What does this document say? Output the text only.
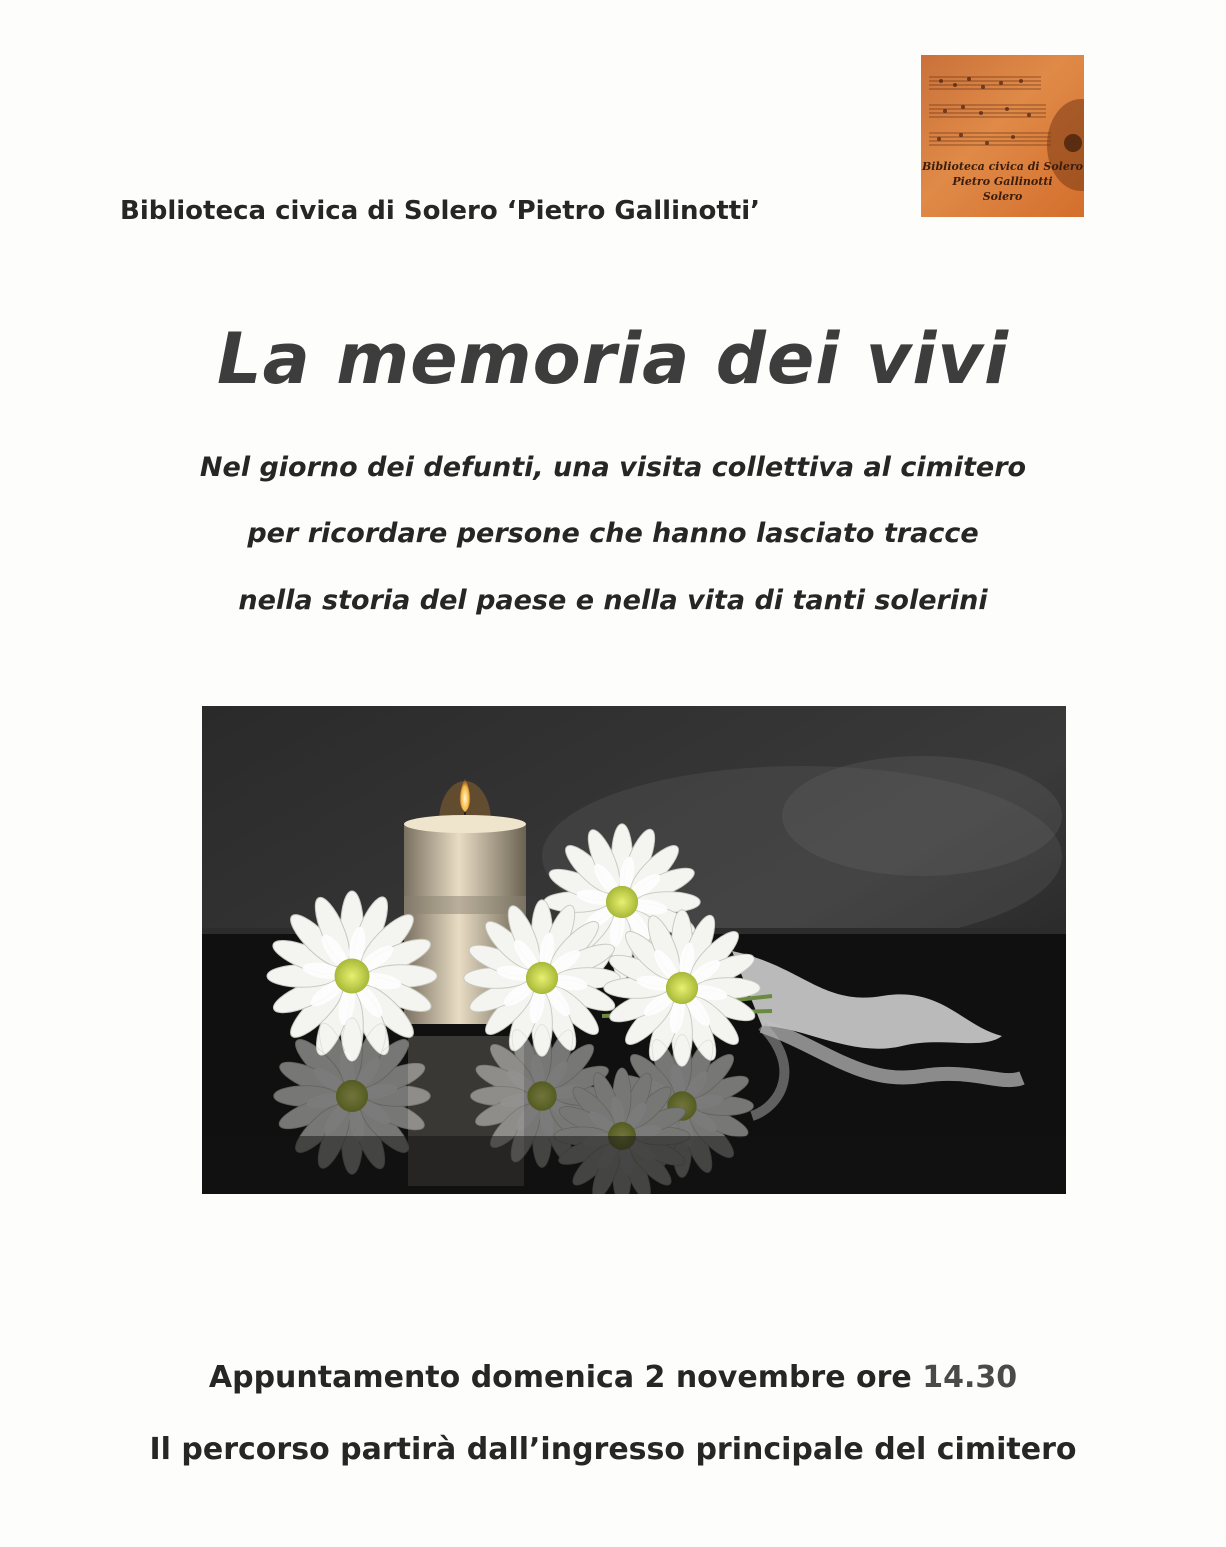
Biblioteca civica di Solero ‘Pietro Gallinotti’
Biblioteca civica di Solero
Pietro Gallinotti
Solero
La memoria dei vivi
Nel giorno dei defunti, una visita collettiva al cimitero
per ricordare persone che hanno lasciato tracce
nella storia del paese e nella vita di tanti solerini
Appuntamento domenica 2 novembre ore 14.30
Il percorso partirà dall’ingresso principale del cimitero
